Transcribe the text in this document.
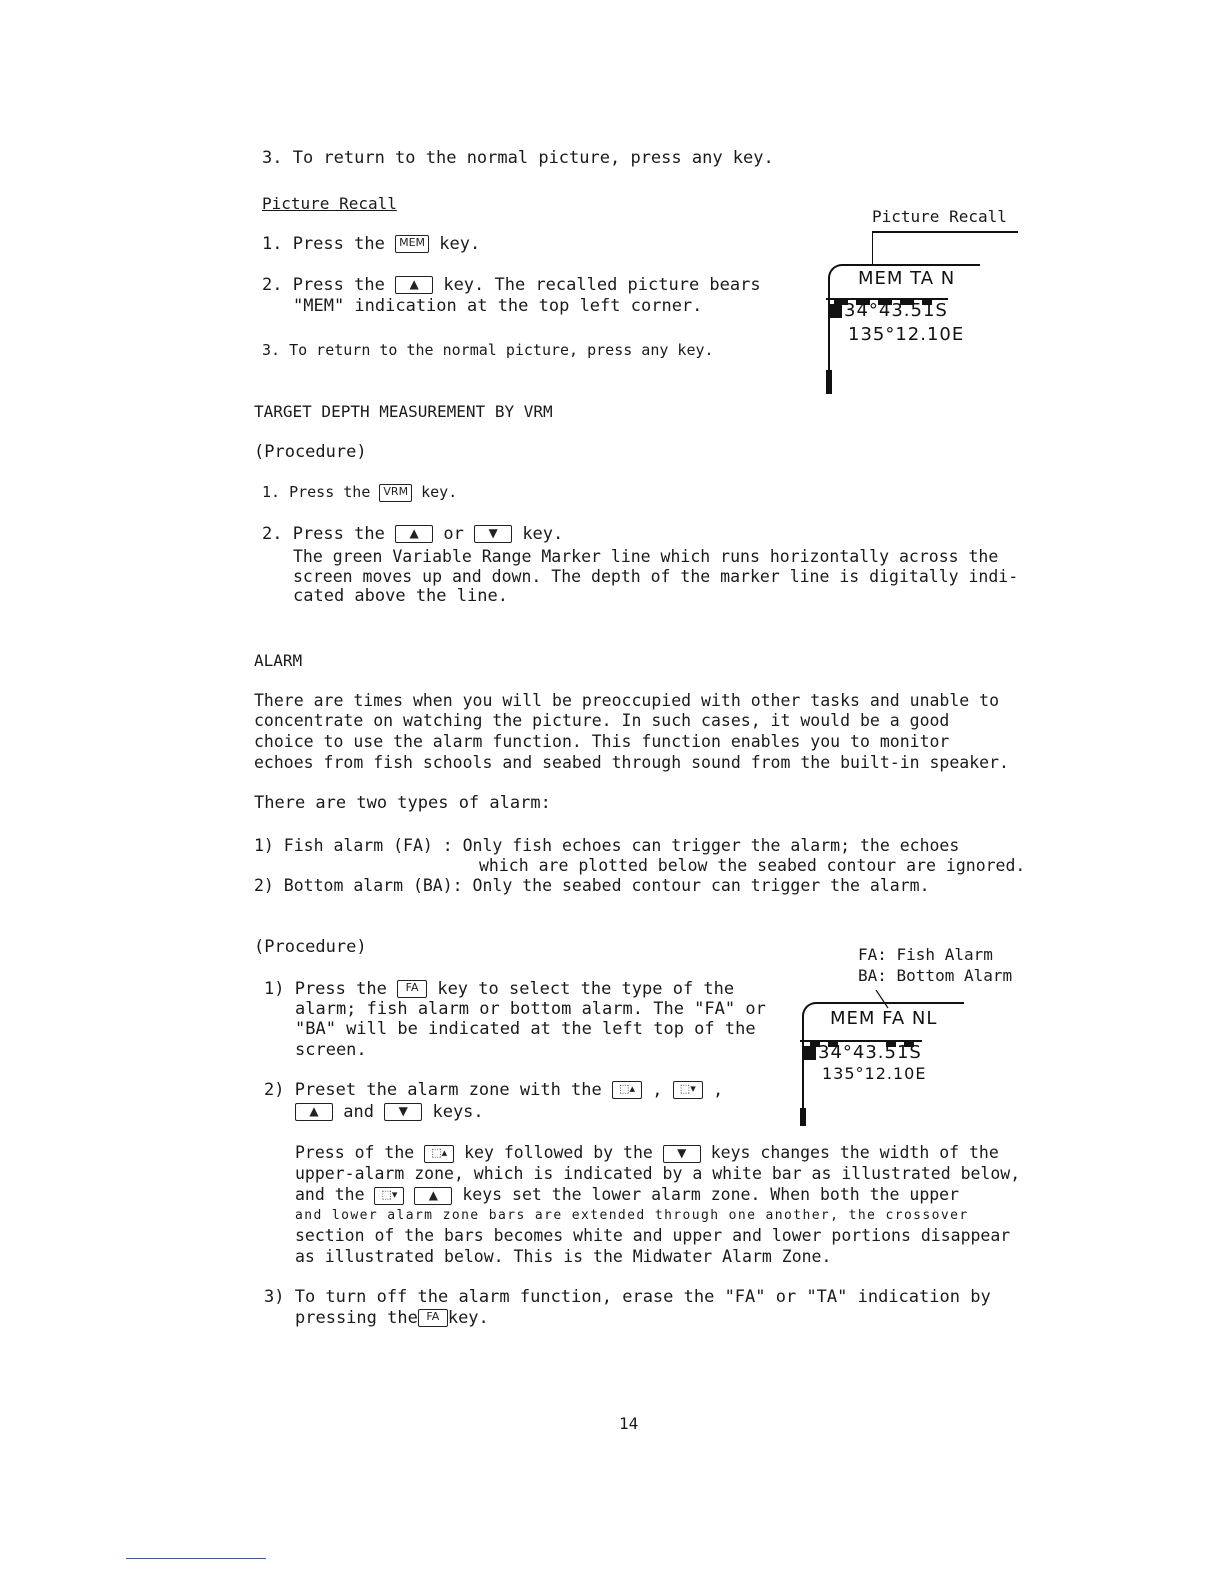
3. To return to the normal picture, press any key.
Picture Recall
1. Press the MEM key.
2. Press the ▲ key. The recalled picture bears
"MEM" indication at the top left corner.
3. To return to the normal picture, press any key.
Picture Recall
MEM TA N
34°43.51S
135°12.10E
TARGET DEPTH MEASUREMENT BY VRM
(Procedure)
1. Press the VRM key.
2. Press the ▲ or ▼ key.
The green Variable Range Marker line which runs horizontally across the
screen moves up and down. The depth of the marker line is digitally indi-
cated above the line.
ALARM
There are times when you will be preoccupied with other tasks and unable to
concentrate on watching the picture. In such cases, it would be a good
choice to use the alarm function. This function enables you to monitor
echoes from fish schools and seabed through sound from the built-in speaker.
There are two types of alarm:
1) Fish alarm (FA) : Only fish echoes can trigger the alarm; the echoes
which are plotted below the seabed contour are ignored.
2) Bottom alarm (BA): Only the seabed contour can trigger the alarm.
(Procedure)
1) Press the FA key to select the type of the
alarm; fish alarm or bottom alarm. The "FA" or
"BA" will be indicated at the left top of the
screen.
2) Preset the alarm zone with the ⬚▴ , ⬚▾ ,
▲ and ▼ keys.
Press of the ⬚▴ key followed by the ▼ keys changes the width of the
upper-alarm zone, which is indicated by a white bar as illustrated below,
and the ⬚▾	▲ keys set the lower alarm zone. When both the upper
and lower alarm zone bars are extended through one another, the crossover
section of the bars becomes white and upper and lower portions disappear
as illustrated below. This is the Midwater Alarm Zone.
3) To turn off the alarm function, erase the "FA" or "TA" indication by
pressing the FA key.
FA: Fish Alarm
BA: Bottom Alarm
MEM FA NL
34°43.51S
135°12.10E
14
